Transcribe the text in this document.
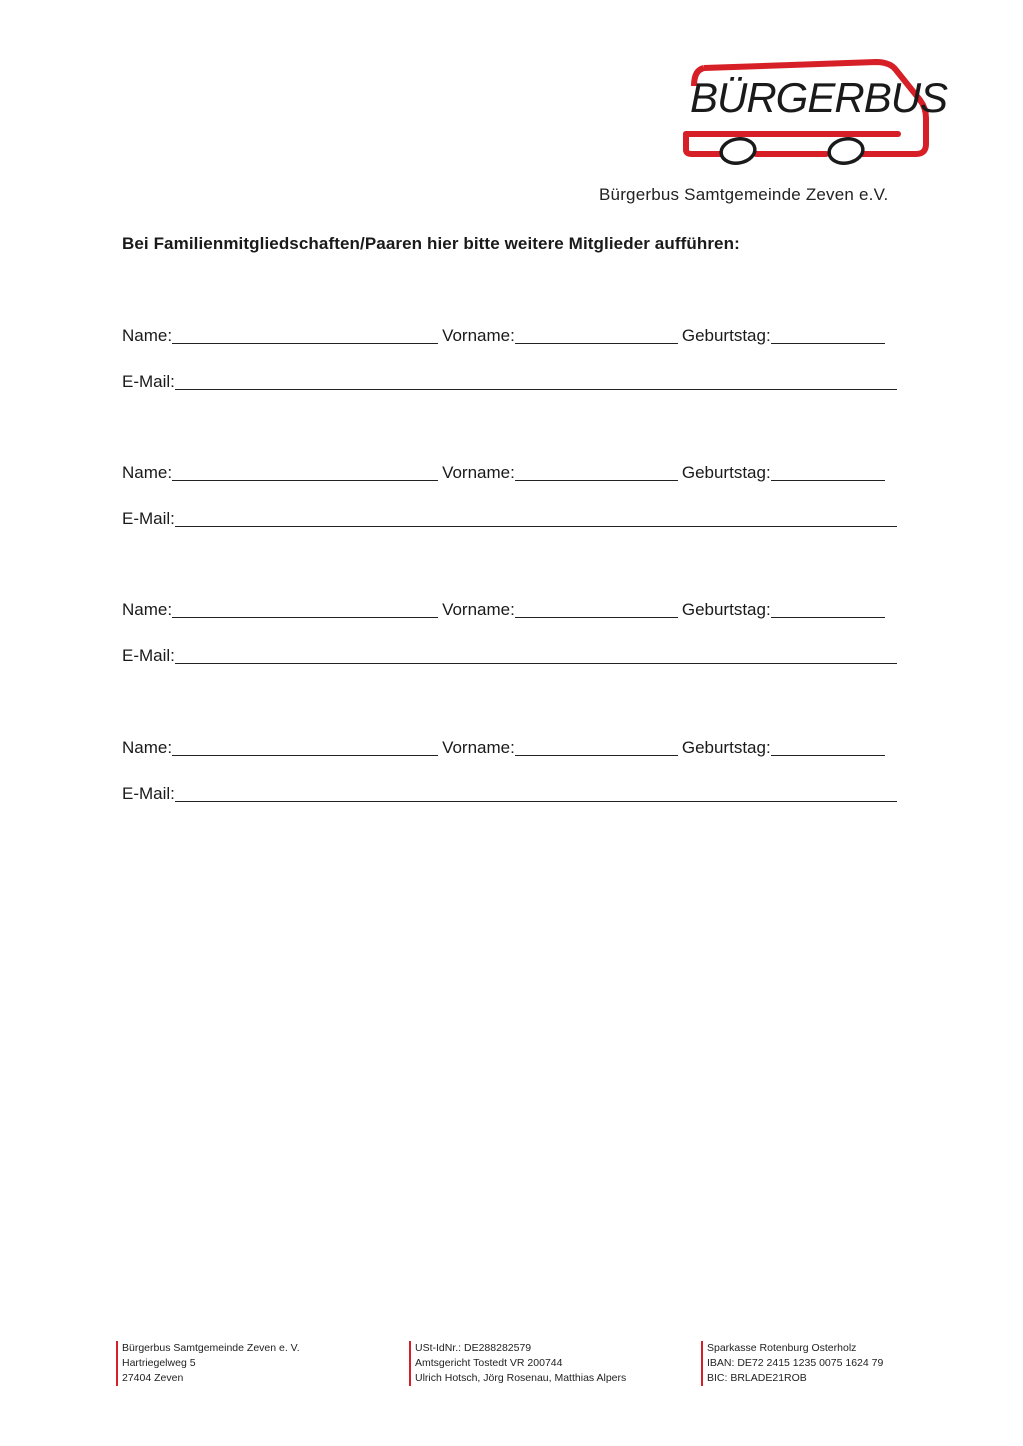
BÜRGERBUS
Bürgerbus Samtgemeinde Zeven e.V.
Bei Familienmitgliedschaften/Paaren hier bitte weitere Mitglieder aufführen:
Name:	Vorname:	Geburtstag:
E-Mail:
Name:	Vorname:	Geburtstag:
E-Mail:
Name:	Vorname:	Geburtstag:
E-Mail:
Name:	Vorname:	Geburtstag:
E-Mail:
Bürgerbus Samtgemeinde Zeven e. V.
Hartriegelweg 5
27404 Zeven
USt-IdNr.: DE288282579
Amtsgericht Tostedt VR 200744
Ulrich Hotsch, Jörg Rosenau, Matthias Alpers
Sparkasse Rotenburg Osterholz
IBAN: DE72 2415 1235 0075 1624 79
BIC: BRLADE21ROB
